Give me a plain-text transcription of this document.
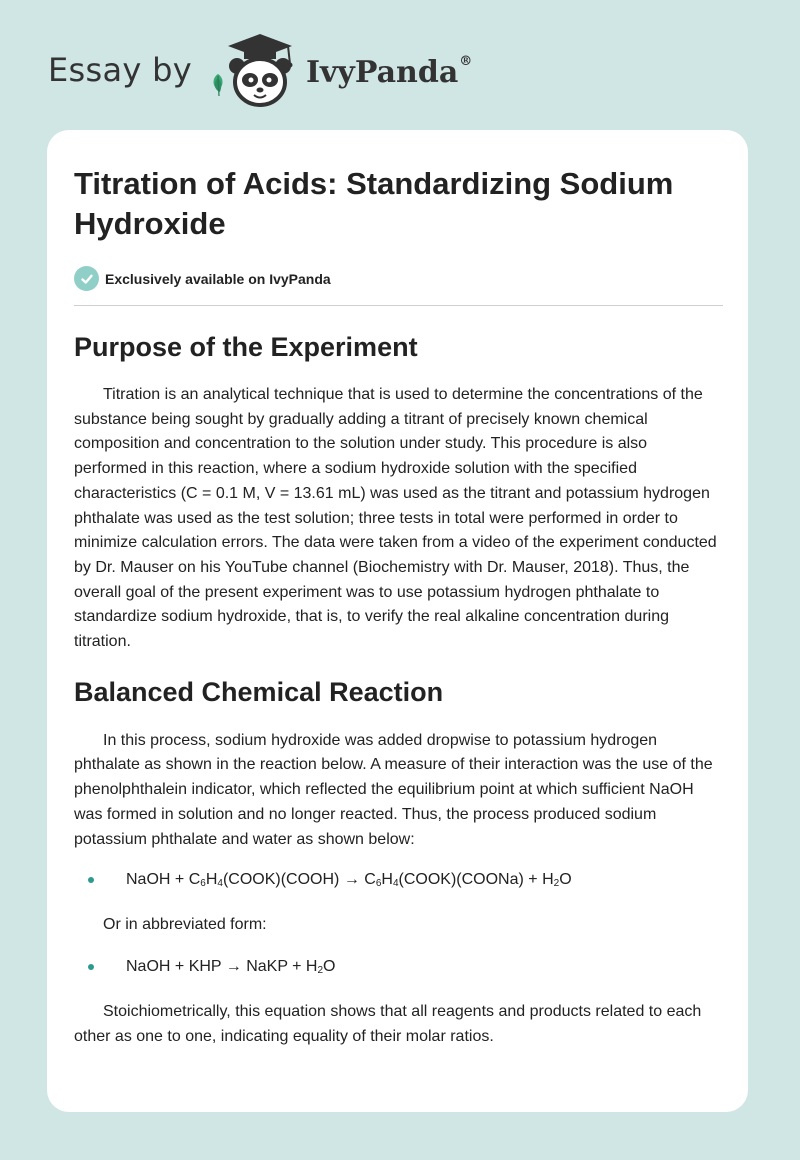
Essay by	IvyPanda®
Titration of Acids: Standardizing Sodium Hydroxide
Exclusively available on IvyPanda
Purpose of the Experiment

Titration is an analytical technique that is used to determine the concentrations of the substance being sought by gradually adding a titrant of precisely known chemical composition and concentration to the solution under study. This procedure is also performed in this reaction, where a sodium hydroxide solution with the specified characteristics (C = 0.1 M, V = 13.61 mL) was used as the titrant and potassium hydrogen phthalate was used as the test solution; three tests in total were performed in order to minimize calculation errors. The data were taken from a video of the experiment conducted by Dr. Mauser on his YouTube channel (Biochemistry with Dr. Mauser, 2018). Thus, the overall goal of the present experiment was to use potassium hydrogen phthalate to standardize sodium hydroxide, that is, to verify the real alkaline concentration during titration.

Balanced Chemical Reaction

In this process, sodium hydroxide was added dropwise to potassium hydrogen phthalate as shown in the reaction below. A measure of their interaction was the use of the phenolphthalein indicator, which reflected the equilibrium point at which sufficient NaOH was formed in solution and no longer reacted. Thus, the process produced sodium potassium phthalate and water as shown below:

NaOH + $C_6H_4(COOK)(COOH)$ → $C_6H_4(COOK)(COONa) + H_2O$

Or in abbreviated form:

NaOH + KHP → NaKP + $H_2O$

Stoichiometrically, this equation shows that all reagents and products related to each other as one to one, indicating equality of their molar ratios.
